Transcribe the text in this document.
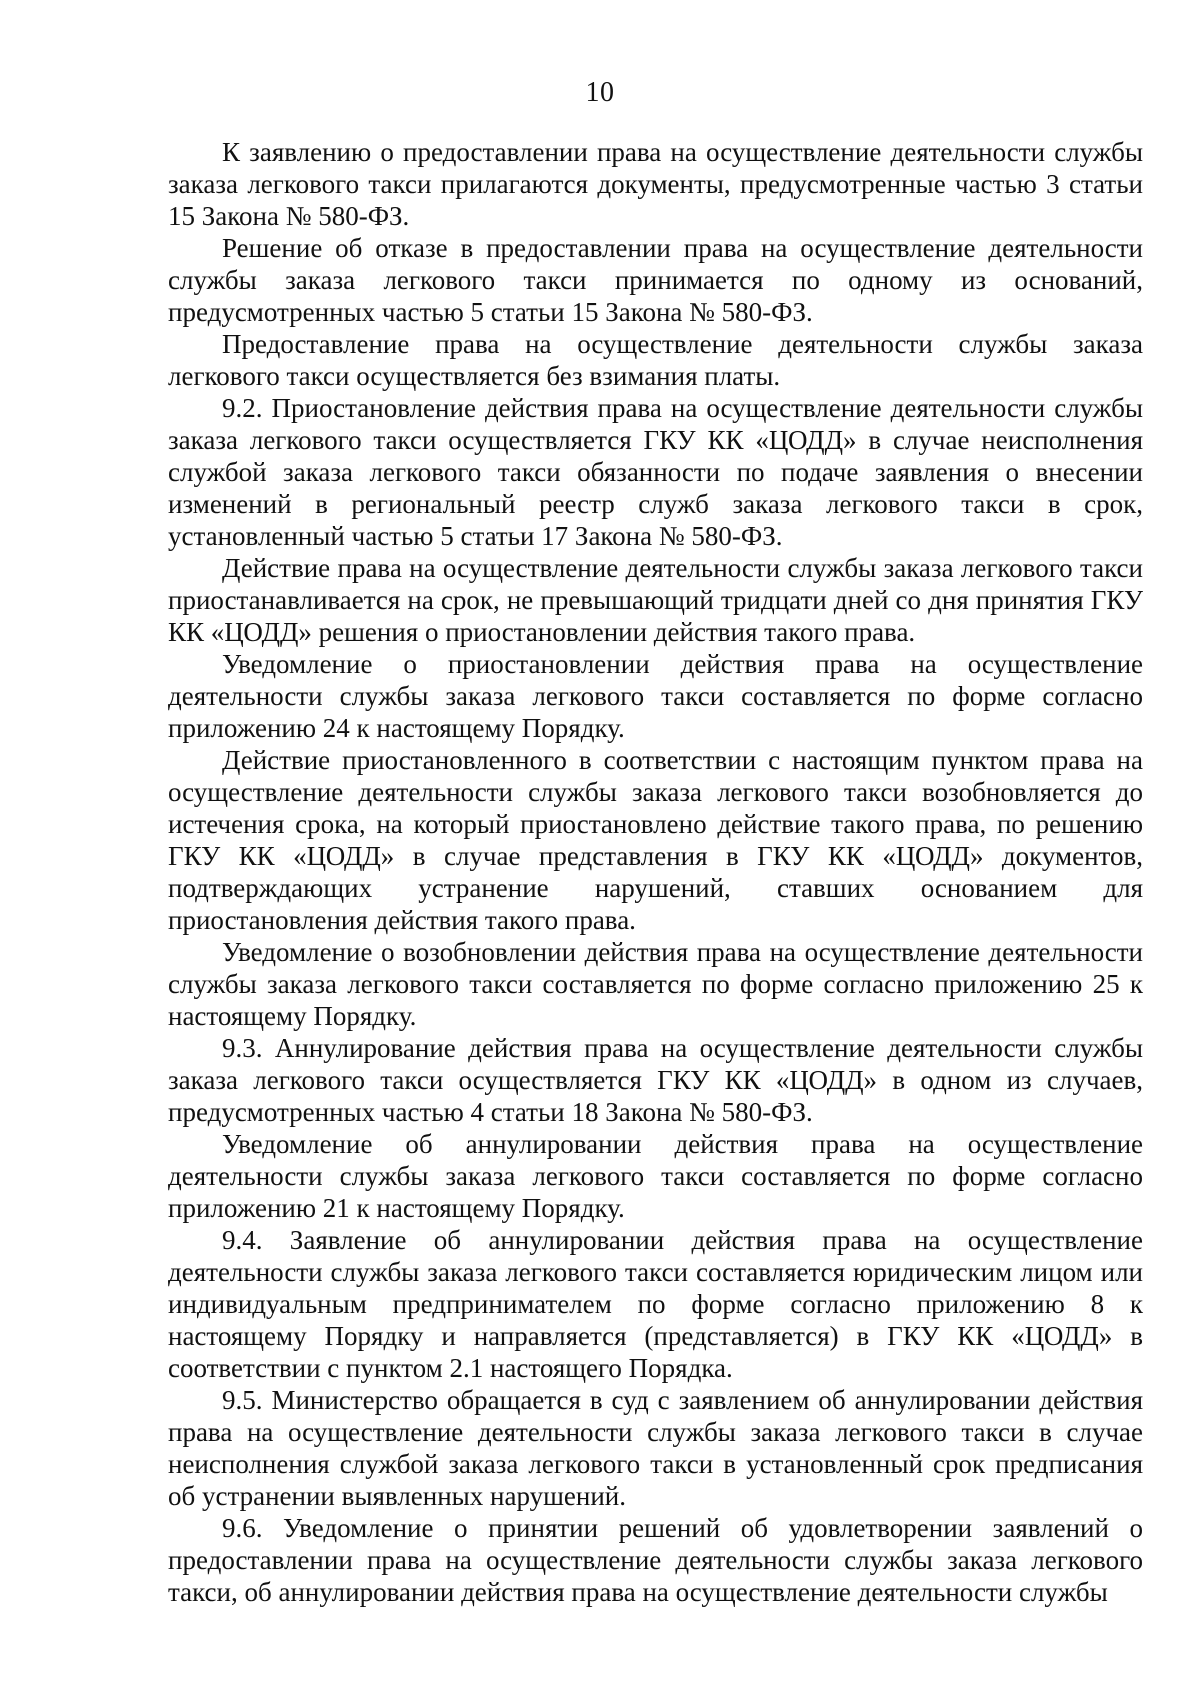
10

К заявлению о предоставлении права на осуществление деятельности службы заказа легкового такси прилагаются документы, предусмотренные частью 3 статьи 15 Закона № 580-ФЗ.

Решение об отказе в предоставлении права на осуществление деятельности службы заказа легкового такси принимается по одному из оснований, предусмотренных частью 5 статьи 15 Закона № 580-ФЗ.

Предоставление права на осуществление деятельности службы заказа легкового такси осуществляется без взимания платы.

9.2. Приостановление действия права на осуществление деятельности службы заказа легкового такси осуществляется ГКУ КК «ЦОДД» в случае неисполнения службой заказа легкового такси обязанности по подаче заявления о внесении изменений в региональный реестр служб заказа легкового такси в срок, установленный частью 5 статьи 17 Закона № 580-ФЗ.

Действие права на осуществление деятельности службы заказа легкового такси приостанавливается на срок, не превышающий тридцати дней со дня принятия ГКУ КК «ЦОДД» решения о приостановлении действия такого права.

Уведомление о приостановлении действия права на осуществление деятельности службы заказа легкового такси составляется по форме согласно приложению 24 к настоящему Порядку.

Действие приостановленного в соответствии с настоящим пунктом права на осуществление деятельности службы заказа легкового такси возобновляется до истечения срока, на который приостановлено действие такого права, по решению ГКУ КК «ЦОДД» в случае представления в ГКУ КК «ЦОДД» документов, подтверждающих устранение нарушений, ставших основанием для приостановления действия такого права.

Уведомление о возобновлении действия права на осуществление деятельности службы заказа легкового такси составляется по форме согласно приложению 25 к настоящему Порядку.

9.3. Аннулирование действия права на осуществление деятельности службы заказа легкового такси осуществляется ГКУ КК «ЦОДД» в одном из случаев, предусмотренных частью 4 статьи 18 Закона № 580-ФЗ.

Уведомление об аннулировании действия права на осуществление деятельности службы заказа легкового такси составляется по форме согласно приложению 21 к настоящему Порядку.

9.4. Заявление об аннулировании действия права на осуществление деятельности службы заказа легкового такси составляется юридическим лицом или индивидуальным предпринимателем по форме согласно приложению 8 к настоящему Порядку и направляется (представляется) в ГКУ КК «ЦОДД» в соответствии с пунктом 2.1 настоящего Порядка.

9.5. Министерство обращается в суд с заявлением об аннулировании действия права на осуществление деятельности службы заказа легкового такси в случае неисполнения службой заказа легкового такси в установленный срок предписания об устранении выявленных нарушений.

9.6. Уведомление о принятии решений об удовлетворении заявлений о предоставлении права на осуществление деятельности службы заказа легкового такси, об аннулировании действия права на осуществление деятельности службы
